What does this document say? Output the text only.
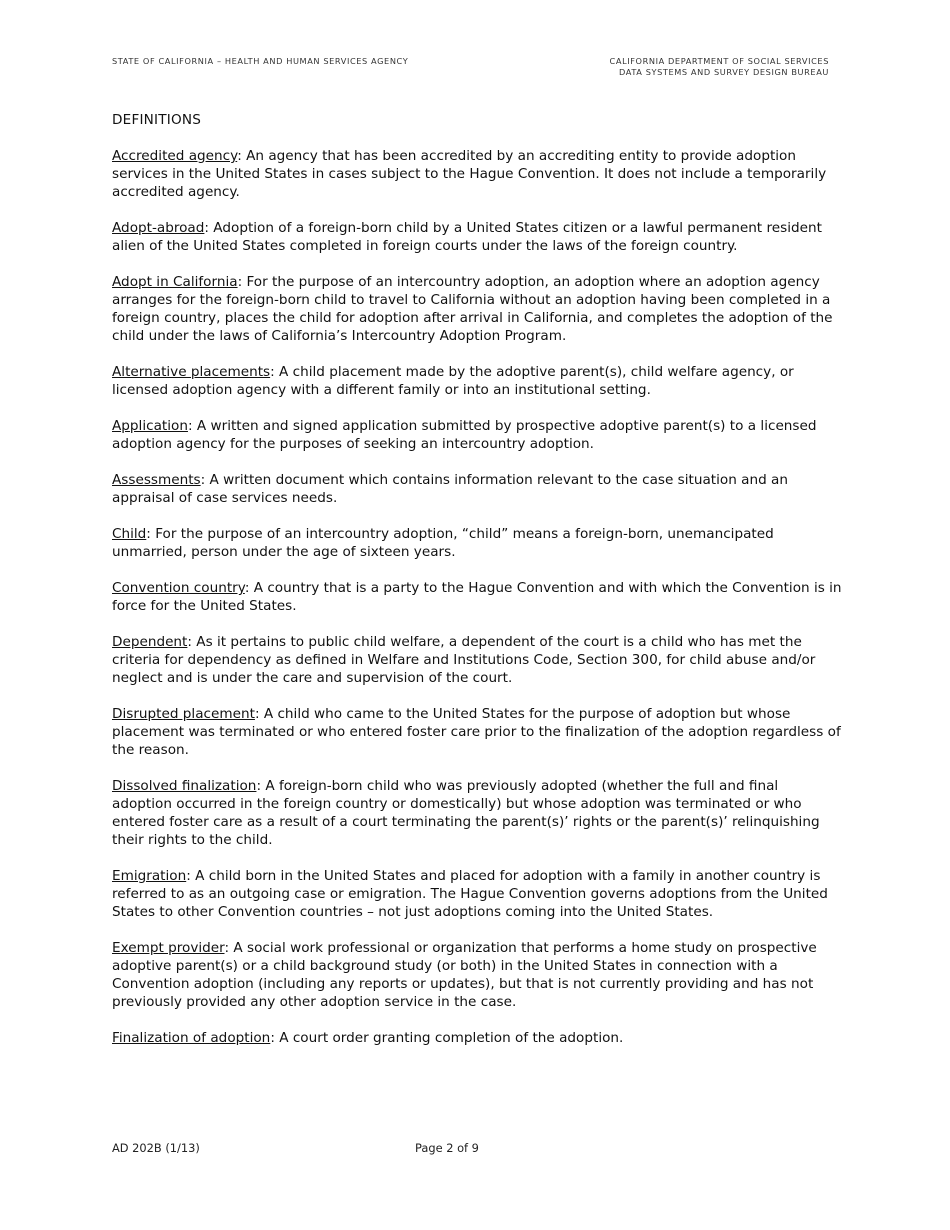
STATE OF CALIFORNIA – HEALTH AND HUMAN SERVICES AGENCY	CALIFORNIA DEPARTMENT OF SOCIAL SERVICES
DATA SYSTEMS AND SURVEY DESIGN BUREAU
DEFINITIONS

Accredited agency: An agency that has been accredited by an accrediting entity to provide adoption services in the United States in cases subject to the Hague Convention. It does not include a temporarily accredited agency.

Adopt-abroad: Adoption of a foreign-born child by a United States citizen or a lawful permanent resident alien of the United States completed in foreign courts under the laws of the foreign country.

Adopt in California: For the purpose of an intercountry adoption, an adoption where an adoption agency arranges for the foreign-born child to travel to California without an adoption having been completed in a foreign country, places the child for adoption after arrival in California, and completes the adoption of the child under the laws of California’s Intercountry Adoption Program.

Alternative placements: A child placement made by the adoptive parent(s), child welfare agency, or licensed adoption agency with a different family or into an institutional setting.

Application: A written and signed application submitted by prospective adoptive parent(s) to a licensed adoption agency for the purposes of seeking an intercountry adoption.

Assessments: A written document which contains information relevant to the case situation and an appraisal of case services needs.

Child: For the purpose of an intercountry adoption, “child” means a foreign-born, unemancipated unmarried, person under the age of sixteen years.

Convention country: A country that is a party to the Hague Convention and with which the Convention is in force for the United States.

Dependent: As it pertains to public child welfare, a dependent of the court is a child who has met the criteria for dependency as defined in Welfare and Institutions Code, Section 300, for child abuse and/or neglect and is under the care and supervision of the court.

Disrupted placement: A child who came to the United States for the purpose of adoption but whose placement was terminated or who entered foster care prior to the finalization of the adoption regardless of the reason.

Dissolved finalization: A foreign-born child who was previously adopted (whether the full and final adoption occurred in the foreign country or domestically) but whose adoption was terminated or who entered foster care as a result of a court terminating the parent(s)’ rights or the parent(s)’ relinquishing their rights to the child.

Emigration: A child born in the United States and placed for adoption with a family in another country is referred to as an outgoing case or emigration. The Hague Convention governs adoptions from the United States to other Convention countries – not just adoptions coming into the United States.

Exempt provider: A social work professional or organization that performs a home study on prospective adoptive parent(s) or a child background study (or both) in the United States in connection with a Convention adoption (including any reports or updates), but that is not currently providing and has not previously provided any other adoption service in the case.

Finalization of adoption: A court order granting completion of the adoption.

AD 202B (1/13)	Page 2 of 9
